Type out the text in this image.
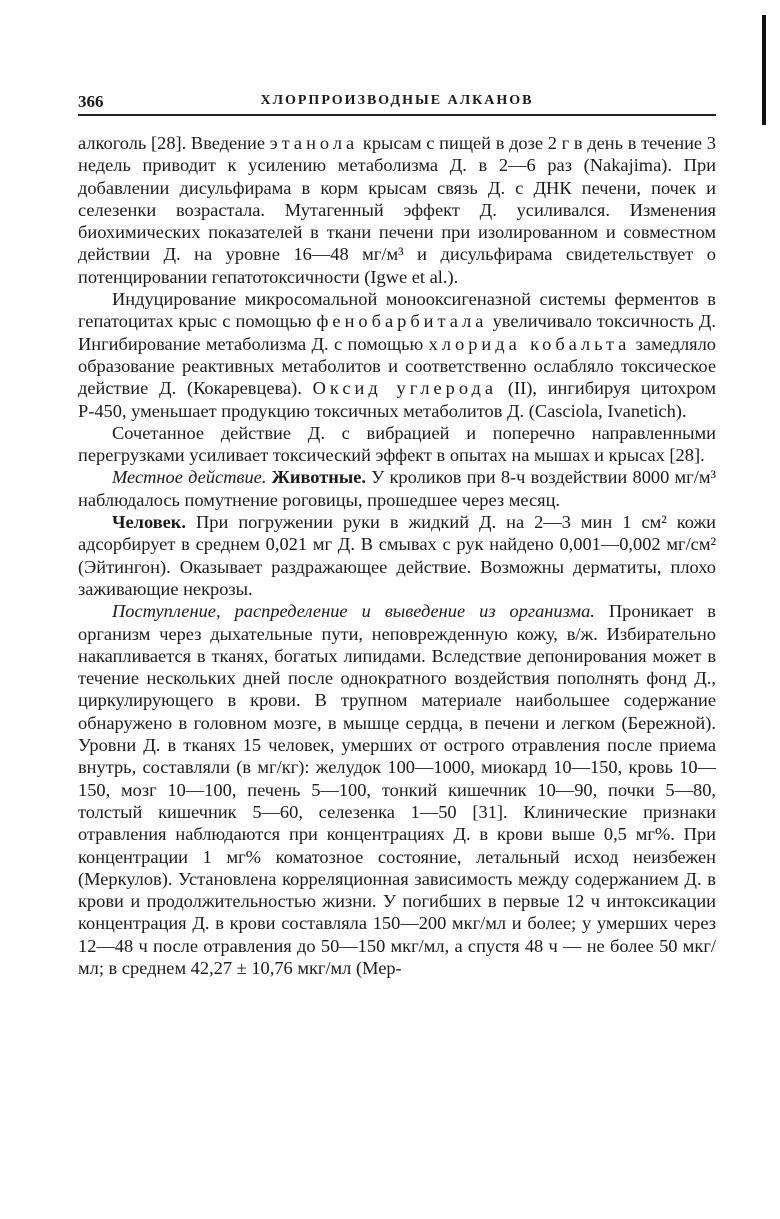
366	ХЛОРПРОИЗВОДНЫЕ АЛКАНОВ

алкоголь [28]. Введение этанола крысам с пищей в дозе 2 г в день в течение 3 недель приводит к усилению метаболизма Д. в 2—6 раз (Nakajima). При добавлении дисульфирама в корм крысам связь Д. с ДНК печени, почек и селезенки возрастала. Мутагенный эффект Д. усиливался. Изменения биохимических показателей в ткани печени при изолированном и совместном действии Д. на уровне 16—48 мг/м³ и дисульфирама свидетельствует о потенцировании гепатотоксичности (Igwe et al.).

Индуцирование микросомальной монооксигеназной системы ферментов в гепатоцитах крыс с помощью фенобарбитала увеличивало токсичность Д. Ингибирование метаболизма Д. с помощью хлорида кобальта замедляло образование реактивных метаболитов и соответственно ослабляло токсическое действие Д. (Кокаревцева). Оксид углерода (II), ингибируя цитохром Р-450, уменьшает продукцию токсичных метаболитов Д. (Casciola, Ivanetich).

Сочетанное действие Д. с вибрацией и поперечно направленными перегрузками усиливает токсический эффект в опытах на мышах и крысах [28].

Местное действие. Животные. У кроликов при 8-ч воздействии 8000 мг/м³ наблюдалось помутнение роговицы, прошедшее через месяц.

Человек. При погружении руки в жидкий Д. на 2—3 мин 1 см² кожи адсорбирует в среднем 0,021 мг Д. В смывах с рук найдено 0,001—0,002 мг/см² (Эйтингон). Оказывает раздражающее действие. Возможны дерматиты, плохо заживающие некрозы.

Поступление, распределение и выведение из организма. Проникает в организм через дыхательные пути, неповрежденную кожу, в/ж. Избирательно накапливается в тканях, богатых липидами. Вследствие депонирования может в течение нескольких дней после однократного воздействия пополнять фонд Д., циркулирующего в крови. В трупном материале наибольшее содержание обнаружено в головном мозге, в мышце сердца, в печени и легком (Бережной). Уровни Д. в тканях 15 человек, умерших от острого отравления после приема внутрь, составляли (в мг/кг): желудок 100—1000, миокард 10—150, кровь 10—150, мозг 10—100, печень 5—100, тонкий кишечник 10—90, почки 5—80, толстый кишечник 5—60, селезенка 1—50 [31]. Клинические признаки отравления наблюдаются при концентрациях Д. в крови выше 0,5 мг%. При концентрации 1 мг% коматозное состояние, летальный исход неизбежен (Меркулов). Установлена корреляционная зависимость между содержанием Д. в крови и продолжительностью жизни. У погибших в первые 12 ч интоксикации концентрация Д. в крови составляла 150—200 мкг/мл и более; у умерших через 12—48 ч после отравления до 50—150 мкг/мл, а спустя 48 ч — не более 50 мкг/мл; в среднем 42,27 ± 10,76 мкг/мл (Мер-
